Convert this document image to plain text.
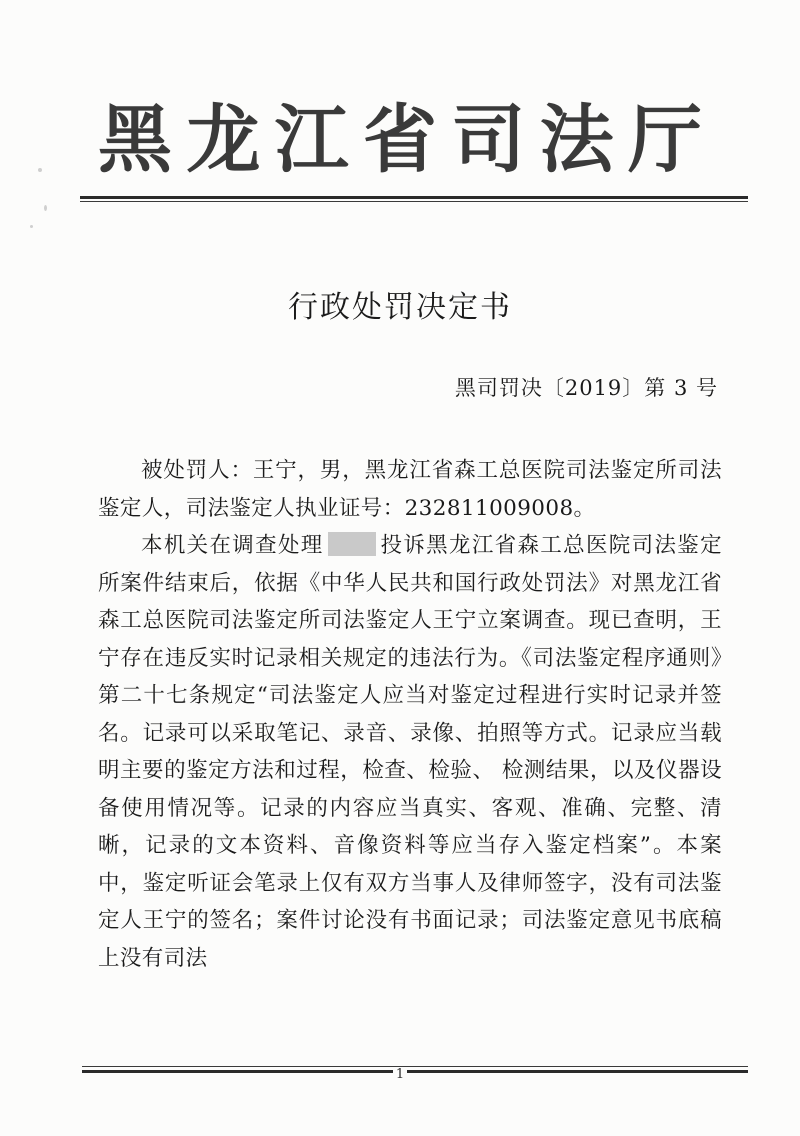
黑 龙 江 省 司 法 厅
行政处罚决定书
黑司罚决〔2019〕第 3 号

被处罚人：王宁，男，黑龙江省森工总医院司法鉴定所司法鉴定人，司法鉴定人执业证号：232811009008。

本机关在调查处理	投诉黑龙江省森工总医院司法鉴定所案件结束后，依据《中华人民共和国行政处罚法》对黑龙江省森工总医院司法鉴定所司法鉴定人王宁立案调查。现已查明，王宁存在违反实时记录相关规定的违法行为。《司法鉴定程序通则》第二十七条规定“司法鉴定人应当对鉴定过程进行实时记录并签名。记录可以采取笔记、录音、录像、拍照等方式。记录应当载明主要的鉴定方法和过程，检查、检验、 检测结果，以及仪器设备使用情况等。记录的内容应当真实、客观、准确、完整、清晰，记录的文本资料、音像资料等应当存入鉴定档案”。本案中，鉴定听证会笔录上仅有双方当事人及律师签字，没有司法鉴定人王宁的签名；案件讨论没有书面记录；司法鉴定意见书底稿上没有司法

1
